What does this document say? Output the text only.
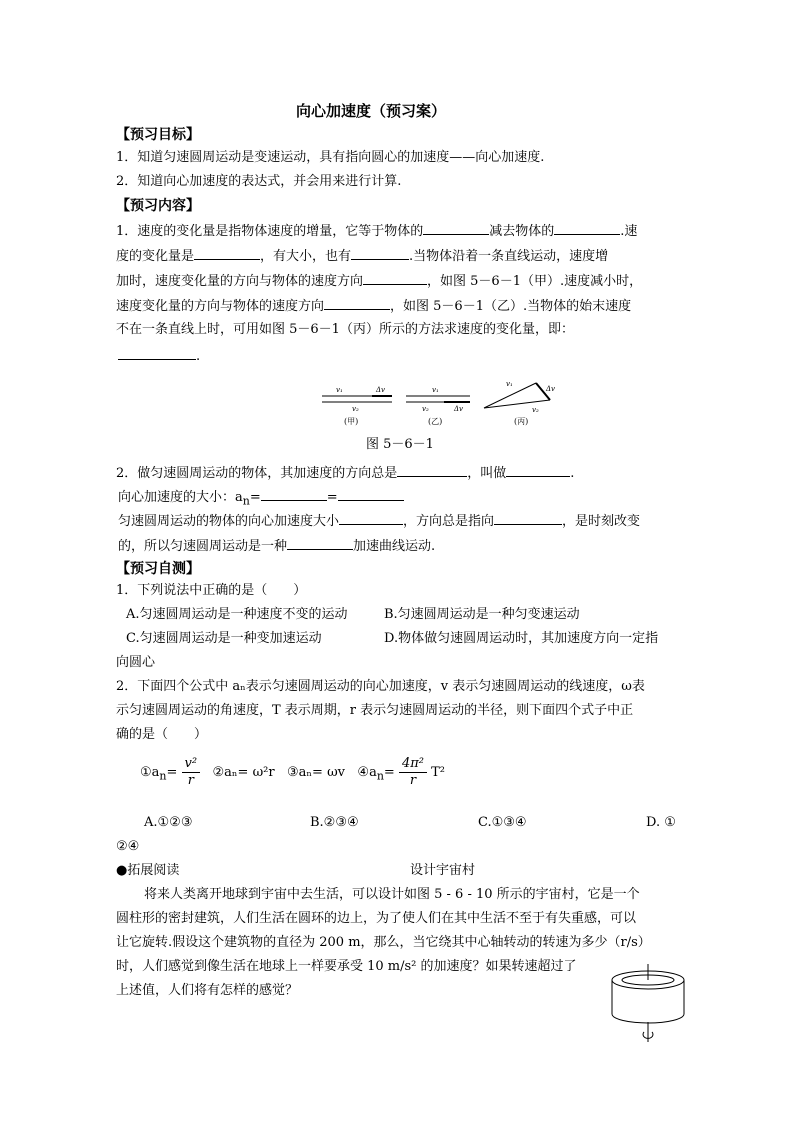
向心加速度（预习案）
【预习目标】
1．知道匀速圆周运动是变速运动，具有指向圆心的加速度——向心加速度.
2．知道向心加速度的表达式，并会用来进行计算.
【预习内容】
1．速度的变化量是指物体速度的增量，它等于物体的	减去物体的	.速
度的变化量是	，有大小，也有	.当物体沿着一条直线运动，速度增
加时，速度变化量的方向与物体的速度方向	，如图 5－6－1（甲）.速度减小时，
速度变化量的方向与物体的速度方向	，如图 5－6－1（乙）.当物体的始末速度
不在一条直线上时，可用如图 5－6－1（丙）所示的方法求速度的变化量，即：
.
v₁	Δv
v₂
v₁
v₂	Δv
v₁
Δv
v₂
(甲)	(乙)	(丙)
图 5－6－1
2．做匀速圆周运动的物体，其加速度的方向总是	，叫做	.
向心加速度的大小：$a_n=$	=
匀速圆周运动的物体的向心加速度大小	，方向总是指向	，是时刻改变
的，所以匀速圆周运动是一种	加速曲线运动.
【预习自测】
1．下列说法中正确的是（　　）
A.匀速圆周运动是一种速度不变的运动	B.匀速圆周运动是一种匀变速运动
C.匀速圆周运动是一种变加速运动	D.物体做匀速圆周运动时，其加速度方向一定指
向圆心
2．下面四个公式中 aₙ表示匀速圆周运动的向心加速度，v 表示匀速圆周运动的线速度，ω表
示匀速圆周运动的角速度，T 表示周期，r 表示匀速圆周运动的半径，则下面四个式子中正
确的是（　　）
$①a_n= \frac{\text{v²}}{r}$ ②aₙ= ω²r ③aₙ= ωv $④a_n= \frac{\text{4π²}}{r} T^2$
A.①②③	B.②③④	C.①③④	D. ①
②④
●拓展阅读	设计宇宙村
将来人类离开地球到宇宙中去生活，可以设计如图 5 - 6 - 10 所示的宇宙村，它是一个
圆柱形的密封建筑，人们生活在圆环的边上，为了使人们在其中生活不至于有失重感，可以
让它旋转.假设这个建筑物的直径为 200 m，那么，当它绕其中心轴转动的转速为多少（r/s）
时，人们感觉到像生活在地球上一样要承受 10 m/s² 的加速度？如果转速超过了
上述值，人们将有怎样的感觉？
